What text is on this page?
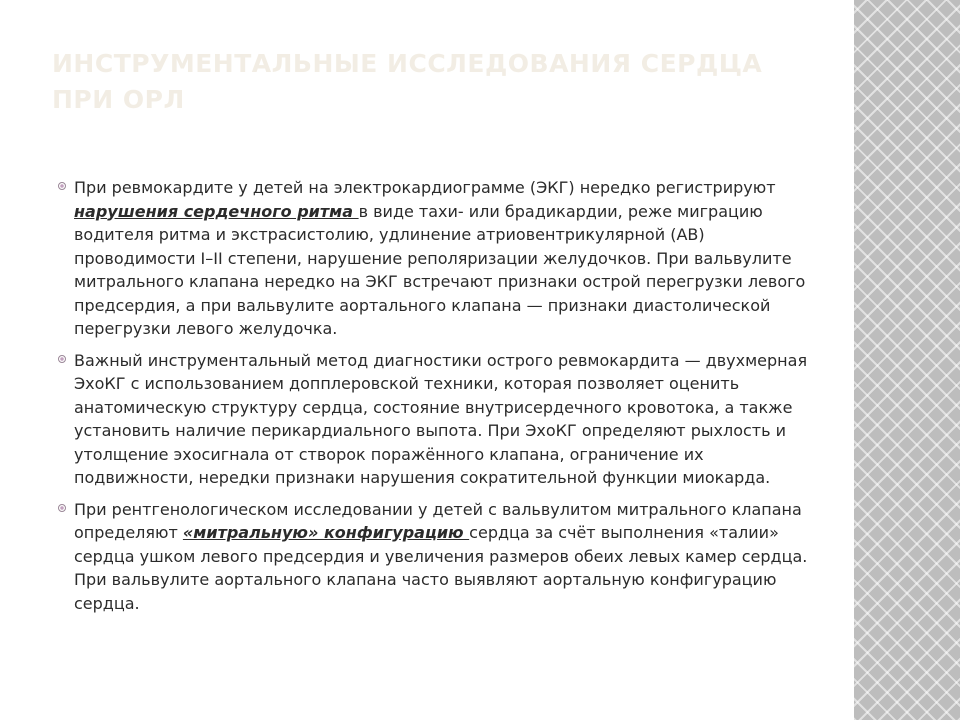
ИНСТРУМЕНТАЛЬНЫЕ ИССЛЕДОВАНИЯ СЕРДЦА ПРИ ОРЛ
При ревмокардите у детей на электрокардиограмме (ЭКГ) нередко регистрируют нарушения сердечного ритма в виде тахи- или брадикардии, реже миграцию водителя ритма и экстрасистолию, удлинение атриовентрикулярной (АВ) проводимости I–II степени, нарушение реполяризации желудочков. При вальвулите митрального клапана нередко на ЭКГ встречают признаки острой перегрузки левого предсердия, а при вальвулите аортального клапана — признаки диастолической перегрузки левого желудочка.
Важный инструментальный метод диагностики острого ревмокардита — двухмерная ЭхоКГ с использованием допплеровской техники, которая позволяет оценить анатомическую структуру сердца, состояние внутрисердечного кровотока, а также установить наличие перикардиального выпота. При ЭхоКГ определяют рыхлость и утолщение эхосигнала от створок поражённого клапана, ограничение их подвижности, нередки признаки нарушения сократительной функции миокарда.
При рентгенологическом исследовании у детей с вальвулитом митрального клапана определяют «митральную» конфигурацию сердца за счёт выполнения «талии» сердца ушком левого предсердия и увеличения размеров обеих левых камер сердца. При вальвулите аортального клапана часто выявляют аортальную конфигурацию сердца.
